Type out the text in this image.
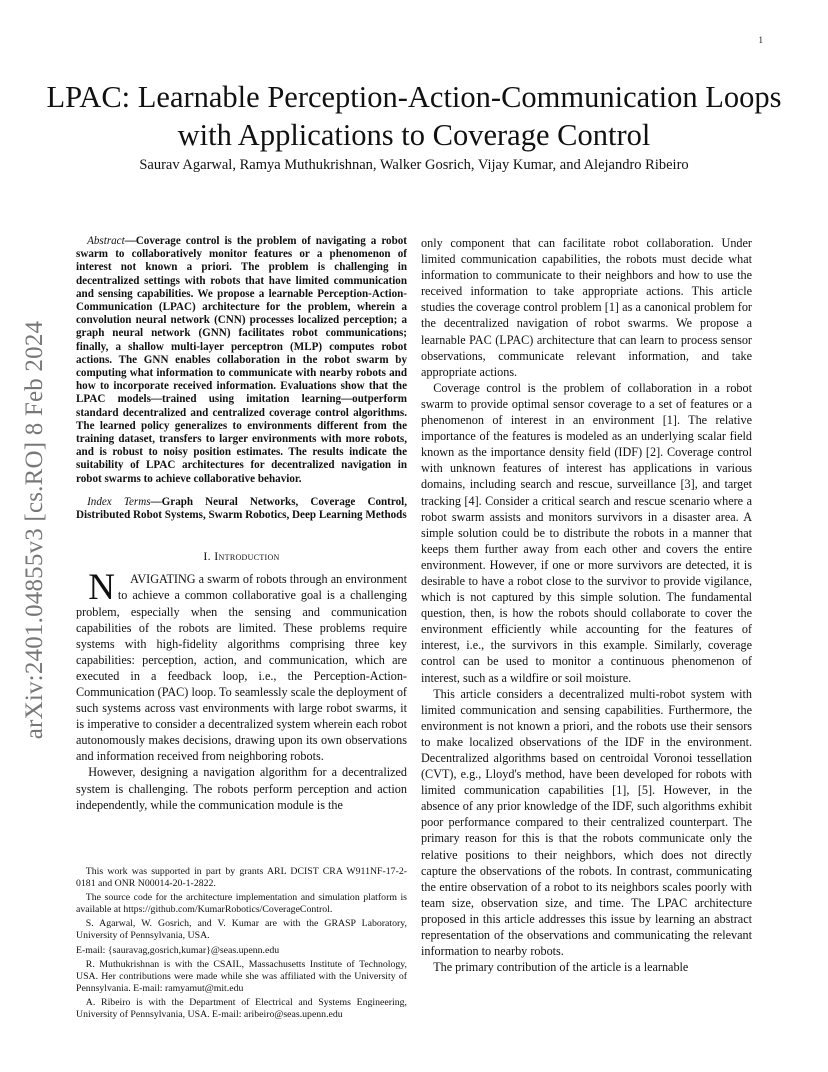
1
arXiv:2401.04855v3 [cs.RO] 8 Feb 2024
LPAC: Learnable Perception-Action-Communication Loops with Applications to Coverage Control
Saurav Agarwal, Ramya Muthukrishnan, Walker Gosrich, Vijay Kumar, and Alejandro Ribeiro

Abstract—Coverage control is the problem of navigating a robot swarm to collaboratively monitor features or a phenomenon of interest not known a priori. The problem is challenging in decentralized settings with robots that have limited communication and sensing capabilities. We propose a learnable Perception-Action-Communication (LPAC) architecture for the problem, wherein a convolution neural network (CNN) processes localized perception; a graph neural network (GNN) facilitates robot communications; finally, a shallow multi-layer perceptron (MLP) computes robot actions. The GNN enables collaboration in the robot swarm by computing what information to communicate with nearby robots and how to incorporate received information. Evaluations show that the LPAC models—trained using imitation learning—outperform standard decentralized and centralized coverage control algorithms. The learned policy generalizes to environments different from the training dataset, transfers to larger environments with more robots, and is robust to noisy position estimates. The results indicate the suitability of LPAC architectures for decentralized navigation in robot swarms to achieve collaborative behavior.

Index Terms—Graph Neural Networks, Coverage Control, Distributed Robot Systems, Swarm Robotics, Deep Learning Methods

I. Introduction

NAVIGATING a swarm of robots through an environment to achieve a common collaborative goal is a challenging problem, especially when the sensing and communication capabilities of the robots are limited. These problems require systems with high-fidelity algorithms comprising three key capabilities: perception, action, and communication, which are executed in a feedback loop, i.e., the Perception-Action-Communication (PAC) loop. To seamlessly scale the deployment of such systems across vast environments with large robot swarms, it is imperative to consider a decentralized system wherein each robot autonomously makes decisions, drawing upon its own observations and information received from neighboring robots.

However, designing a navigation algorithm for a decentralized system is challenging. The robots perform perception and action independently, while the communication module is the

This work was supported in part by grants ARL DCIST CRA W911NF-17-2-0181 and ONR N00014-20-1-2822.

The source code for the architecture implementation and simulation platform is available at https://github.com/KumarRobotics/CoverageControl.

S. Agarwal, W. Gosrich, and V. Kumar are with the GRASP Laboratory, University of Pennsylvania, USA.

E-mail: {sauravag,gosrich,kumar}@seas.upenn.edu

R. Muthukrishnan is with the CSAIL, Massachusetts Institute of Technology, USA. Her contributions were made while she was affiliated with the University of Pennsylvania. E-mail: ramyamut@mit.edu

A. Ribeiro is with the Department of Electrical and Systems Engineering, University of Pennsylvania, USA. E-mail: aribeiro@seas.upenn.edu

only component that can facilitate robot collaboration. Under limited communication capabilities, the robots must decide what information to communicate to their neighbors and how to use the received information to take appropriate actions. This article studies the coverage control problem [1] as a canonical problem for the decentralized navigation of robot swarms. We propose a learnable PAC (LPAC) architecture that can learn to process sensor observations, communicate relevant information, and take appropriate actions.

Coverage control is the problem of collaboration in a robot swarm to provide optimal sensor coverage to a set of features or a phenomenon of interest in an environment [1]. The relative importance of the features is modeled as an underlying scalar field known as the importance density field (IDF) [2]. Coverage control with unknown features of interest has applications in various domains, including search and rescue, surveillance [3], and target tracking [4]. Consider a critical search and rescue scenario where a robot swarm assists and monitors survivors in a disaster area. A simple solution could be to distribute the robots in a manner that keeps them further away from each other and covers the entire environment. However, if one or more survivors are detected, it is desirable to have a robot close to the survivor to provide vigilance, which is not captured by this simple solution. The fundamental question, then, is how the robots should collaborate to cover the environment efficiently while accounting for the features of interest, i.e., the survivors in this example. Similarly, coverage control can be used to monitor a continuous phenomenon of interest, such as a wildfire or soil moisture.

This article considers a decentralized multi-robot system with limited communication and sensing capabilities. Furthermore, the environment is not known a priori, and the robots use their sensors to make localized observations of the IDF in the environment. Decentralized algorithms based on centroidal Voronoi tessellation (CVT), e.g., Lloyd's method, have been developed for robots with limited communication capabilities [1], [5]. However, in the absence of any prior knowledge of the IDF, such algorithms exhibit poor performance compared to their centralized counterpart. The primary reason for this is that the robots communicate only the relative positions to their neighbors, which does not directly capture the observations of the robots. In contrast, communicating the entire observation of a robot to its neighbors scales poorly with team size, observation size, and time. The LPAC architecture proposed in this article addresses this issue by learning an abstract representation of the observations and communicating the relevant information to nearby robots.

The primary contribution of the article is a learnable
